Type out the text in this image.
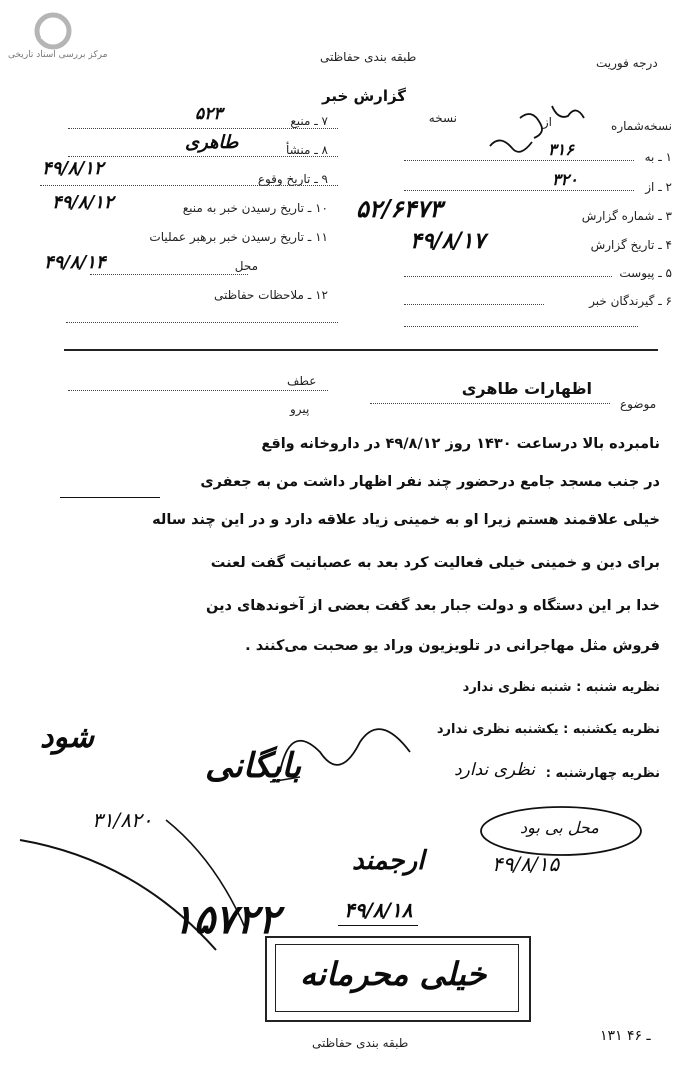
مرکز بررسی اسناد تاریخی	طبقه بندی حفاظتی	درجه فوریت
گزارش خبر
۷ ـ منبع
۵۲۳
۸ ـ منشأ
طاهری
۹ ـ تاریخ وقوع
۴۹/۸/۱۲
۱۰ ـ تاریخ رسیدن خبر به منبع
۴۹/۸/۱۲
۱۱ ـ تاریخ رسیدن خبر برهبر عملیات
محل
۴۹/۸/۱۴
۱۲ ـ ملاحظات حفاظتی
نسخه‌شماره
از
نسخه
۱ ـ به
۳۱۶
۲ ـ از
۳۲۰
۳ ـ شماره گزارش
۵۲/۶۴۷۳
۴ ـ تاریخ گزارش
۴۹/۸/۱۷
۵ ـ پیوست
۶ ـ گیرندگان خبر
موضوع
اظهارات طاهری
عطف
پیرو
نامبرده بالا درساعت ۱۴۳۰ روز ۴۹/۸/۱۲ در داروخانه واقع
در جنب مسجد جامع درحضور چند نفر اظهار داشت من به جعفری
خیلی علاقمند هستم زیرا او به خمینی زیاد علاقه دارد و در این چند ساله
برای دین و خمینی خیلی فعالیت کرد بعد به عصبانیت گفت لعنت
خدا بر این دستگاه و دولت جبار بعد گفت بعضی از آخوندهای دین
فروش مثل مهاجرانی در تلویزیون وراد یو صحبت می‌کنند .
نظریه شنبه : شنبه نظری ندارد
نظریه یکشنبه : یکشنبه نظری ندارد
نظریه چهارشنبه :
نظری ندارد
شود
بایگانی
۳۱/۸۲۰	محل بی بود
۴۹/۸/۱۵
ارجمند
۴۹/۸/۱۸
۱۵۷۲۲
خیلی محرمانه
طبقه بندی حفاظتی	۱۳۱ ـ ۴۶
